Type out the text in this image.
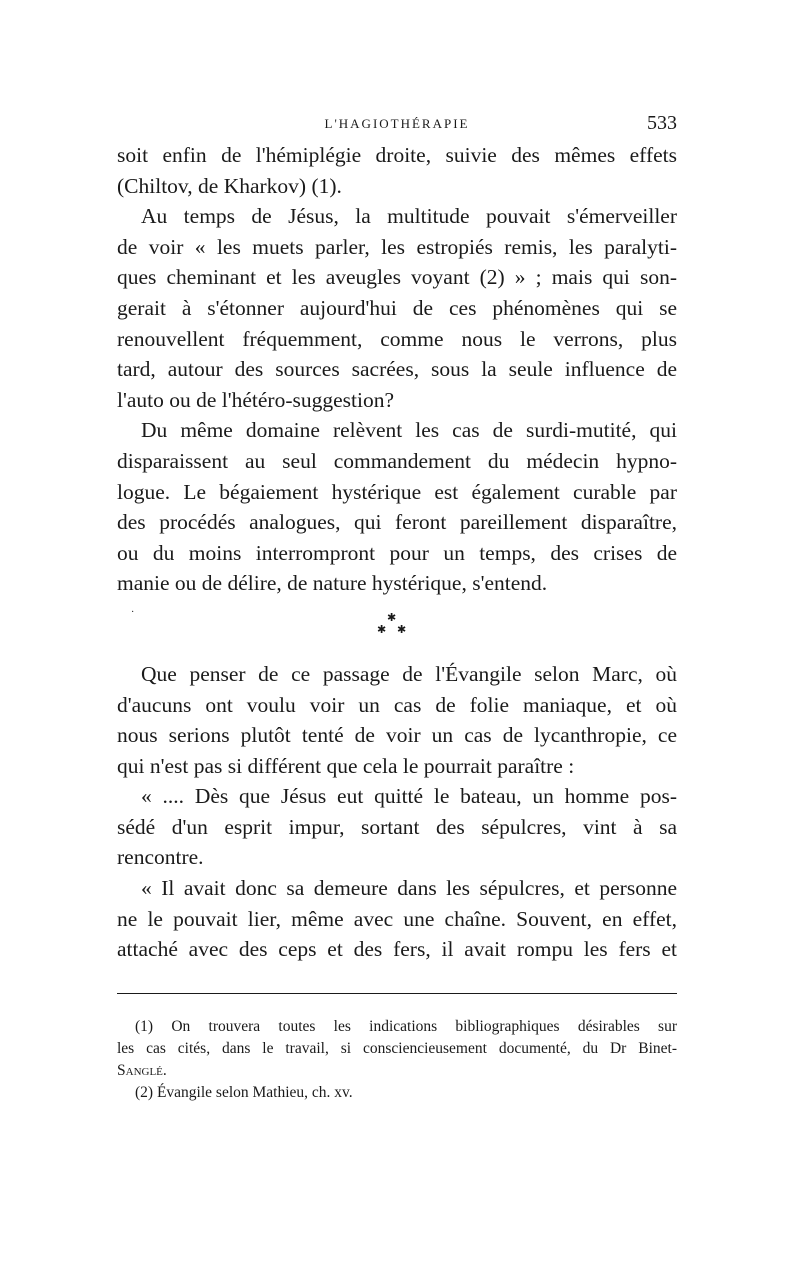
L'HAGIOTHÉRAPIE	533
soit enfin de l'hémiplégie droite, suivie des mêmes effets
(Chiltov, de Kharkov) (1).
Au temps de Jésus, la multitude pouvait s'émerveiller
de voir « les muets parler, les estropiés remis, les paralyti-
ques cheminant et les aveugles voyant (2) » ; mais qui son-
gerait à s'étonner aujourd'hui de ces phénomènes qui se
renouvellent fréquemment, comme nous le verrons, plus
tard, autour des sources sacrées, sous la seule influence de
l'auto ou de l'hétéro-suggestion?
Du même domaine relèvent les cas de surdi-mutité, qui
disparaissent au seul commandement du médecin hypno-
logue. Le bégaiement hystérique est également curable par
des procédés analogues, qui feront pareillement disparaître,
ou du moins interrompront pour un temps, des crises de
manie ou de délire, de nature hystérique, s'entend.
·	✱
✱ ✱
Que penser de ce passage de l'Évangile selon Marc, où
d'aucuns ont voulu voir un cas de folie maniaque, et où
nous serions plutôt tenté de voir un cas de lycanthropie, ce
qui n'est pas si différent que cela le pourrait paraître :
« .... Dès que Jésus eut quitté le bateau, un homme pos-
sédé d'un esprit impur, sortant des sépulcres, vint à sa
rencontre.
« Il avait donc sa demeure dans les sépulcres, et personne
ne le pouvait lier, même avec une chaîne. Souvent, en effet,
attaché avec des ceps et des fers, il avait rompu les fers et
(1) On trouvera toutes les indications bibliographiques désirables sur
les cas cités, dans le travail, si consciencieusement documenté, du Dr Binet-
Sanglé.
(2) Évangile selon Mathieu, ch. xv.
